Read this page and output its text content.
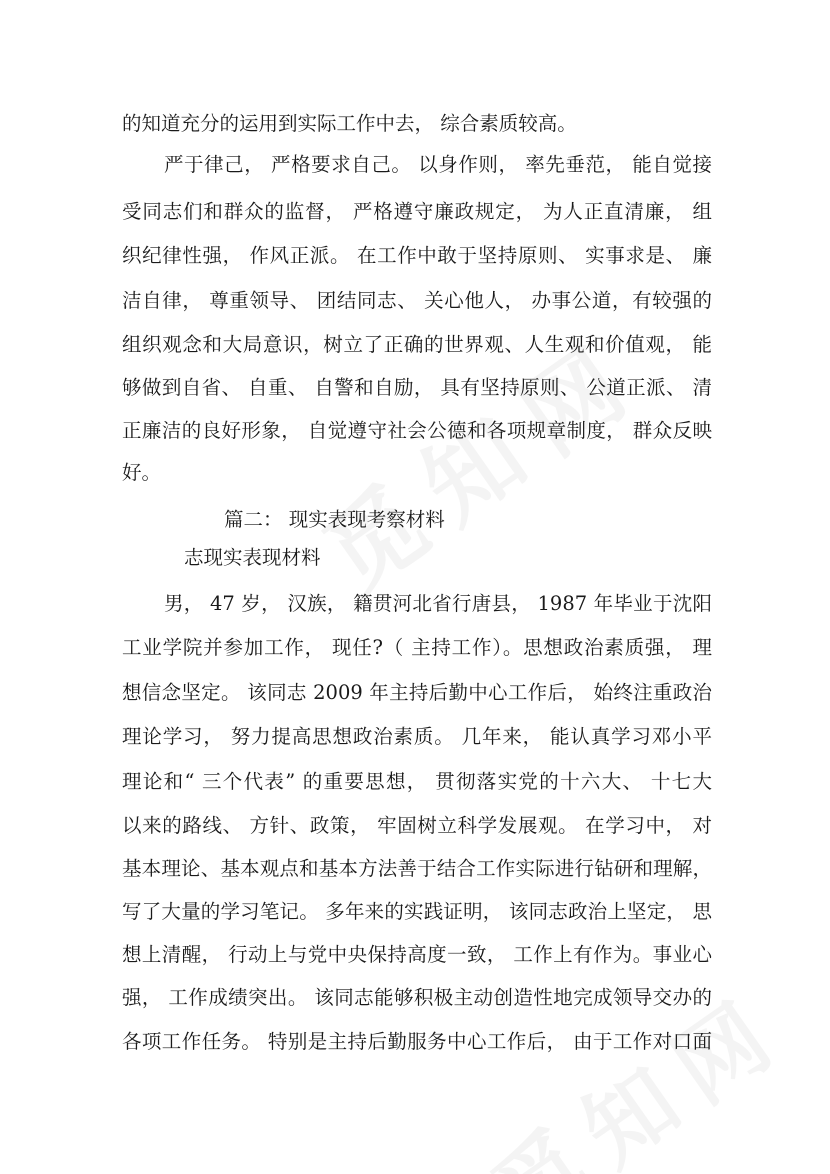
的知道充分的运用到实际工作中去， 综合素质较高。
严于律己， 严格要求自己。 以身作则， 率先垂范， 能自觉接
受同志们和群众的监督， 严格遵守廉政规定， 为人正直清廉， 组
织纪律性强， 作风正派。 在工作中敢于坚持原则、 实事求是、 廉
洁自律， 尊重领导、 团结同志、 关心他人， 办事公道，有较强的
组织观念和大局意识，树立了正确的世界观、人生观和价值观， 能
够做到自省、 自重、 自警和自励， 具有坚持原则、 公道正派、 清
正廉洁的良好形象， 自觉遵守社会公德和各项规章制度， 群众反映
好。
篇二： 现实表现考察材料
志现实表现材料
男， 47 岁， 汉族， 籍贯河北省行唐县， 1987 年毕业于沈阳
工业学院并参加工作， 现任?（ 主持工作）。思想政治素质强， 理
想信念坚定。 该同志 2009 年主持后勤中心工作后， 始终注重政治
理论学习， 努力提高思想政治素质。 几年来， 能认真学习邓小平
理论和“ 三个代表” 的重要思想， 贯彻落实党的十六大、 十七大
以来的路线、 方针、政策， 牢固树立科学发展观。 在学习中， 对
基本理论、基本观点和基本方法善于结合工作实际进行钻研和理解，
写了大量的学习笔记。 多年来的实践证明， 该同志政治上坚定， 思
想上清醒， 行动上与党中央保持高度一致， 工作上有作为。事业心
强， 工作成绩突出。 该同志能够积极主动创造性地完成领导交办的
各项工作任务。 特别是主持后勤服务中心工作后， 由于工作对口面
